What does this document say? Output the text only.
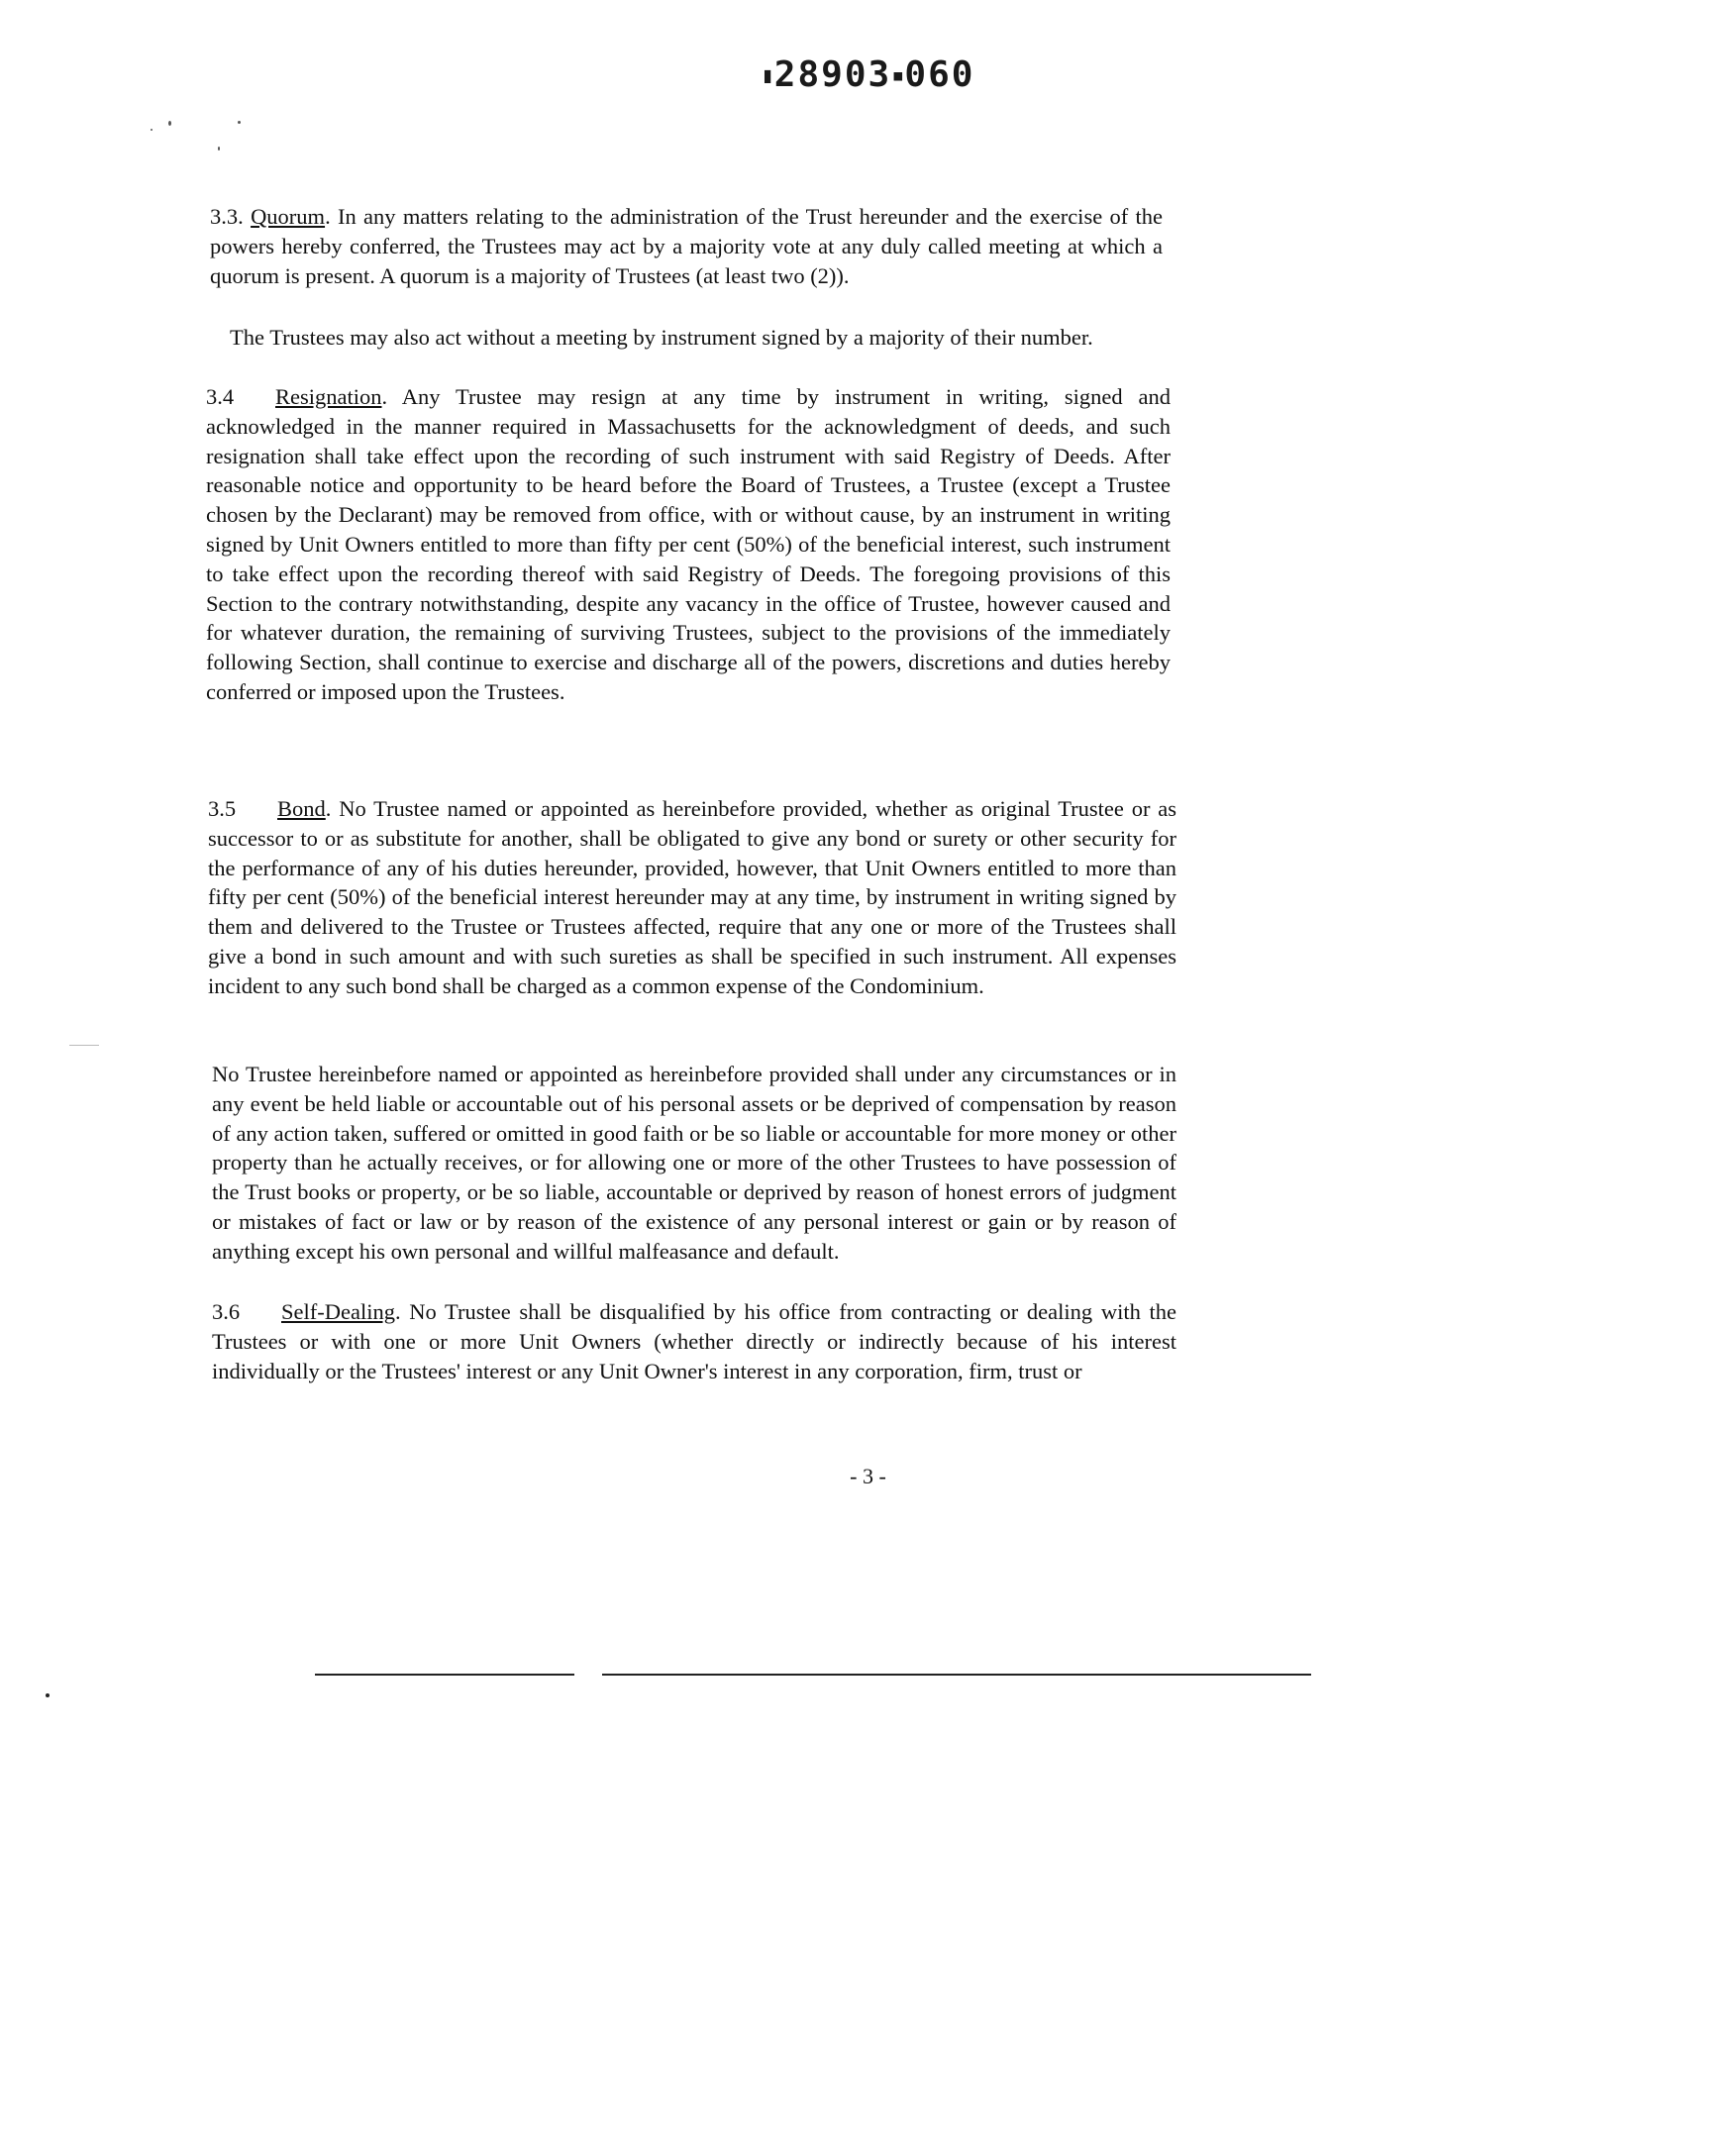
▮28903▪060
3.3. Quorum. In any matters relating to the administration of the Trust hereunder and the exercise of the powers hereby conferred, the Trustees may act by a majority vote at any duly called meeting at which a quorum is present. A quorum is a majority of Trustees (at least two (2)).
The Trustees may also act without a meeting by instrument signed by a majority of their number.
3.4 Resignation. Any Trustee may resign at any time by instrument in writing, signed and acknowledged in the manner required in Massachusetts for the acknowledgment of deeds, and such resignation shall take effect upon the recording of such instrument with said Registry of Deeds. After reasonable notice and opportunity to be heard before the Board of Trustees, a Trustee (except a Trustee chosen by the Declarant) may be removed from office, with or without cause, by an instrument in writing signed by Unit Owners entitled to more than fifty per cent (50%) of the beneficial interest, such instrument to take effect upon the recording thereof with said Registry of Deeds. The foregoing provisions of this Section to the contrary notwithstanding, despite any vacancy in the office of Trustee, however caused and for whatever duration, the remaining of surviving Trustees, subject to the provisions of the immediately following Section, shall continue to exercise and discharge all of the powers, discretions and duties hereby conferred or imposed upon the Trustees.
3.5 Bond. No Trustee named or appointed as hereinbefore provided, whether as original Trustee or as successor to or as substitute for another, shall be obligated to give any bond or surety or other security for the performance of any of his duties hereunder, provided, however, that Unit Owners entitled to more than fifty per cent (50%) of the beneficial interest hereunder may at any time, by instrument in writing signed by them and delivered to the Trustee or Trustees affected, require that any one or more of the Trustees shall give a bond in such amount and with such sureties as shall be specified in such instrument. All expenses incident to any such bond shall be charged as a common expense of the Condominium.
No Trustee hereinbefore named or appointed as hereinbefore provided shall under any circumstances or in any event be held liable or accountable out of his personal assets or be deprived of compensation by reason of any action taken, suffered or omitted in good faith or be so liable or accountable for more money or other property than he actually receives, or for allowing one or more of the other Trustees to have possession of the Trust books or property, or be so liable, accountable or deprived by reason of honest errors of judgment or mistakes of fact or law or by reason of the existence of any personal interest or gain or by reason of anything except his own personal and willful malfeasance and default.
3.6 Self-Dealing. No Trustee shall be disqualified by his office from contracting or dealing with the Trustees or with one or more Unit Owners (whether directly or indirectly because of his interest individually or the Trustees' interest or any Unit Owner's interest in any corporation, firm, trust or
- 3 -
